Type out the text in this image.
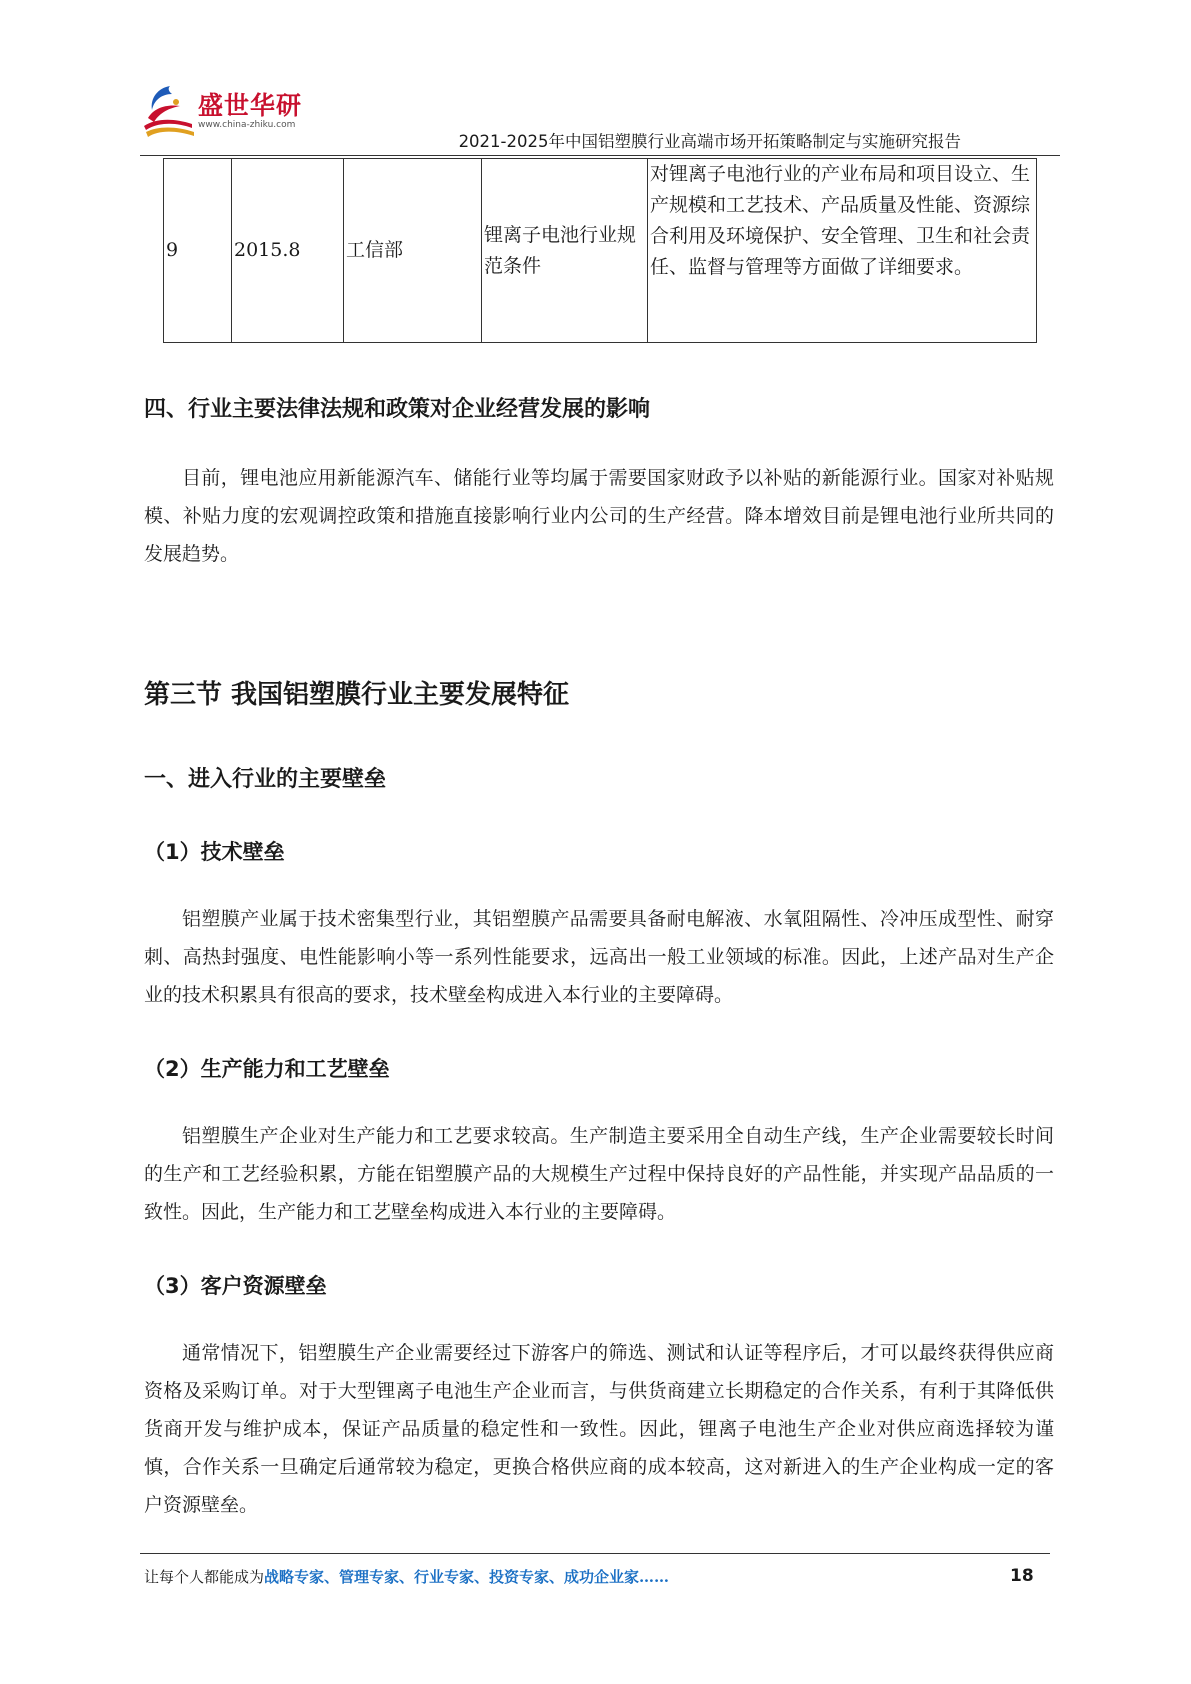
盛世华研
www.china-zhiku.com
2021-2025年中国铝塑膜行业高端市场开拓策略制定与实施研究报告
9	2015.8	工信部	锂离子电池行业规范条件	对锂离子电池行业的产业布局和项目设立、生产规模和工艺技术、产品质量及性能、资源综合利用及环境保护、安全管理、卫生和社会责任、监督与管理等方面做了详细要求。
四、行业主要法律法规和政策对企业经营发展的影响

目前，锂电池应用新能源汽车、储能行业等均属于需要国家财政予以补贴的新能源行业。国家对补贴规模、补贴力度的宏观调控政策和措施直接影响行业内公司的生产经营。降本增效目前是锂电池行业所共同的发展趋势。

第三节 我国铝塑膜行业主要发展特征
一、进入行业的主要壁垒
（1）技术壁垒

铝塑膜产业属于技术密集型行业，其铝塑膜产品需要具备耐电解液、水氧阻隔性、冷冲压成型性、耐穿刺、高热封强度、电性能影响小等一系列性能要求，远高出一般工业领域的标准。因此，上述产品对生产企业的技术积累具有很高的要求，技术壁垒构成进入本行业的主要障碍。

（2）生产能力和工艺壁垒

铝塑膜生产企业对生产能力和工艺要求较高。生产制造主要采用全自动生产线，生产企业需要较长时间的生产和工艺经验积累，方能在铝塑膜产品的大规模生产过程中保持良好的产品性能，并实现产品品质的一致性。因此，生产能力和工艺壁垒构成进入本行业的主要障碍。

（3）客户资源壁垒

通常情况下，铝塑膜生产企业需要经过下游客户的筛选、测试和认证等程序后，才可以最终获得供应商资格及采购订单。对于大型锂离子电池生产企业而言，与供货商建立长期稳定的合作关系，有利于其降低供货商开发与维护成本，保证产品质量的稳定性和一致性。因此，锂离子电池生产企业对供应商选择较为谨慎，合作关系一旦确定后通常较为稳定，更换合格供应商的成本较高，这对新进入的生产企业构成一定的客户资源壁垒。

让每个人都能成为战略专家、管理专家、行业专家、投资专家、成功企业家……	18
